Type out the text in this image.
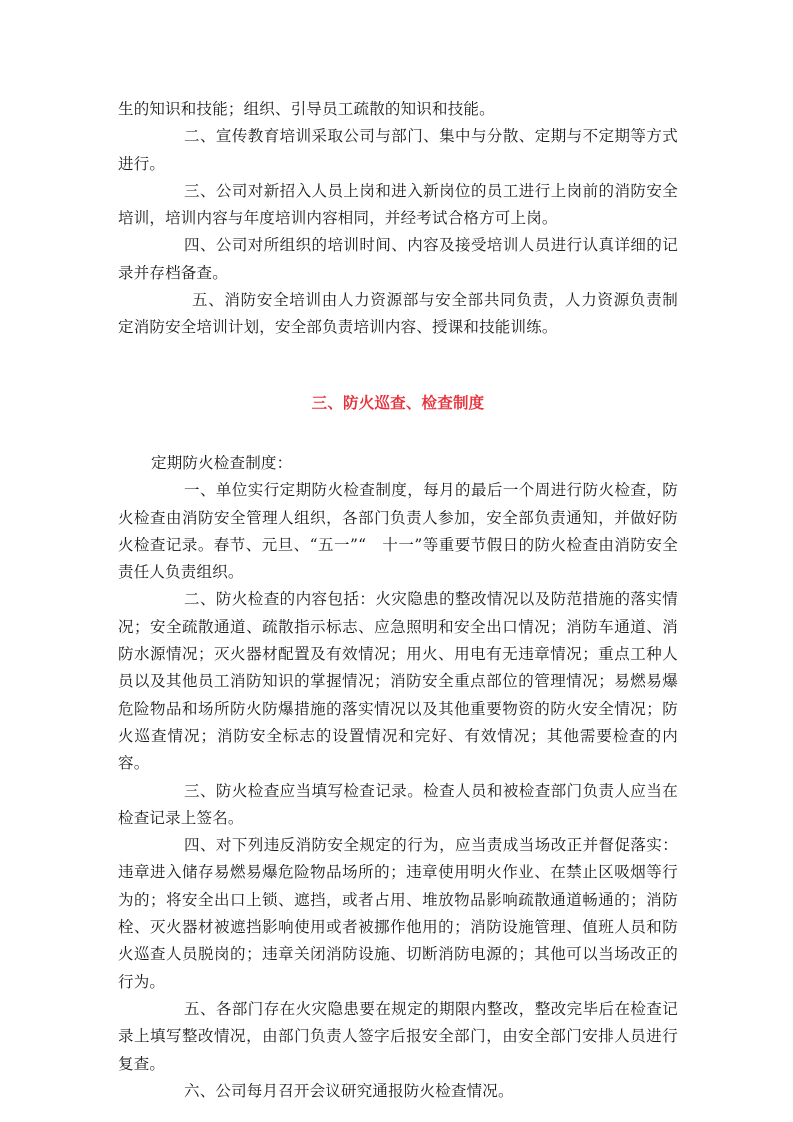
生的知识和技能；组织、引导员工疏散的知识和技能。

二、宣传教育培训采取公司与部门、集中与分散、定期与不定期等方式进行。

三、公司对新招入人员上岗和进入新岗位的员工进行上岗前的消防安全培训，培训内容与年度培训内容相同，并经考试合格方可上岗。

四、公司对所组织的培训时间、内容及接受培训人员进行认真详细的记录并存档备查。

五、消防安全培训由人力资源部与安全部共同负责，人力资源负责制定消防安全培训计划，安全部负责培训内容、授课和技能训练。

三、防火巡查、检查制度

定期防火检查制度：

一、单位实行定期防火检查制度，每月的最后一个周进行防火检查，防火检查由消防安全管理人组织，各部门负责人参加，安全部负责通知，并做好防火检查记录。春节、元旦、“五一”“　十一”等重要节假日的防火检查由消防安全责任人负责组织。

二、防火检查的内容包括：火灾隐患的整改情况以及防范措施的落实情况；安全疏散通道、疏散指示标志、应急照明和安全出口情况；消防车通道、消防水源情况；灭火器材配置及有效情况；用火、用电有无违章情况；重点工种人员以及其他员工消防知识的掌握情况；消防安全重点部位的管理情况；易燃易爆危险物品和场所防火防爆措施的落实情况以及其他重要物资的防火安全情况；防火巡查情况；消防安全标志的设置情况和完好、有效情况；其他需要检查的内容。

三、防火检查应当填写检查记录。检查人员和被检查部门负责人应当在检查记录上签名。

四、对下列违反消防安全规定的行为，应当责成当场改正并督促落实：违章进入储存易燃易爆危险物品场所的；违章使用明火作业、在禁止区吸烟等行为的；将安全出口上锁、遮挡，或者占用、堆放物品影响疏散通道畅通的；消防栓、灭火器材被遮挡影响使用或者被挪作他用的；消防设施管理、值班人员和防火巡查人员脱岗的；违章关闭消防设施、切断消防电源的；其他可以当场改正的行为。

五、各部门存在火灾隐患要在规定的期限内整改，整改完毕后在检查记录上填写整改情况，由部门负责人签字后报安全部门，由安全部门安排人员进行复查。

六、公司每月召开会议研究通报防火检查情况。
